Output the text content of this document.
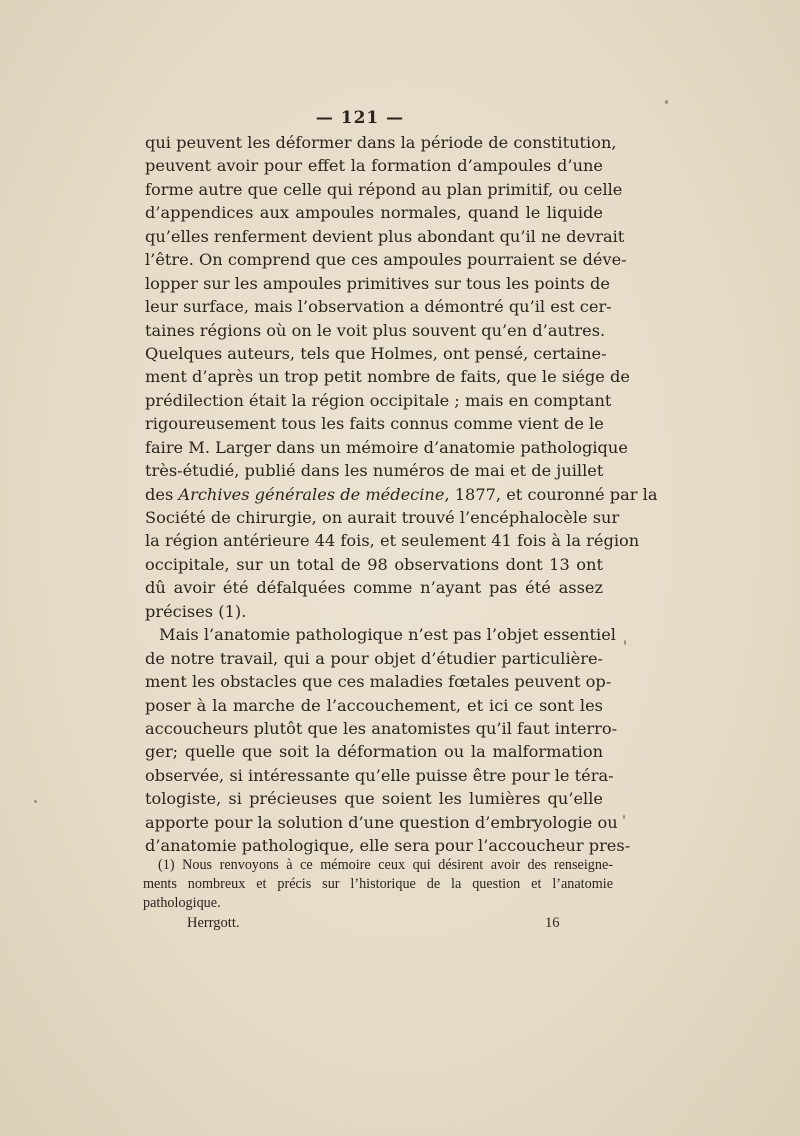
— 121 —
qui peuvent les déformer dans la période de constitution,
peuvent avoir pour effet la formation d’ampoules d’une
forme autre que celle qui répond au plan primitif, ou celle
d’appendices aux ampoules normales, quand le liquide
qu’elles renferment devient plus abondant qu’il ne devrait
l’être. On comprend que ces ampoules pourraient se déve-
lopper sur les ampoules primitives sur tous les points de
leur surface, mais l’observation a démontré qu’il est cer-
taines régions où on le voit plus souvent qu’en d’autres.
Quelques auteurs, tels que Holmes, ont pensé, certaine-
ment d’après un trop petit nombre de faits, que le siége de
prédilection était la région occipitale ; mais en comptant
rigoureusement tous les faits connus comme vient de le
faire M. Larger dans un mémoire d’anatomie pathologique
très-étudié, publié dans les numéros de mai et de juillet
des Archives générales de médecine, 1877, et couronné par la
Société de chirurgie, on aurait trouvé l’encéphalocèle sur
la région antérieure 44 fois, et seulement 41 fois à la région
occipitale, sur un total de 98 observations dont 13 ont
dû avoir été défalquées comme n’ayant pas été assez
précises (1).
Mais l’anatomie pathologique n’est pas l’objet essentiel
de notre travail, qui a pour objet d’étudier particulière-
ment les obstacles que ces maladies fœtales peuvent op-
poser à la marche de l’accouchement, et ici ce sont les
accoucheurs plutôt que les anatomistes qu’il faut interro-
ger; quelle que soit la déformation ou la malformation
observée, si intéressante qu’elle puisse être pour le téra-
tologiste, si précieuses que soient les lumières qu’elle
apporte pour la solution d’une question d’embryologie ou
d’anatomie pathologique, elle sera pour l’accoucheur pres-
(1) Nous renvoyons à ce mémoire ceux qui désirent avoir des renseigne-
ments nombreux et précis sur l’historique de la question et l’anatomie
pathologique.
Herrgott.	16
